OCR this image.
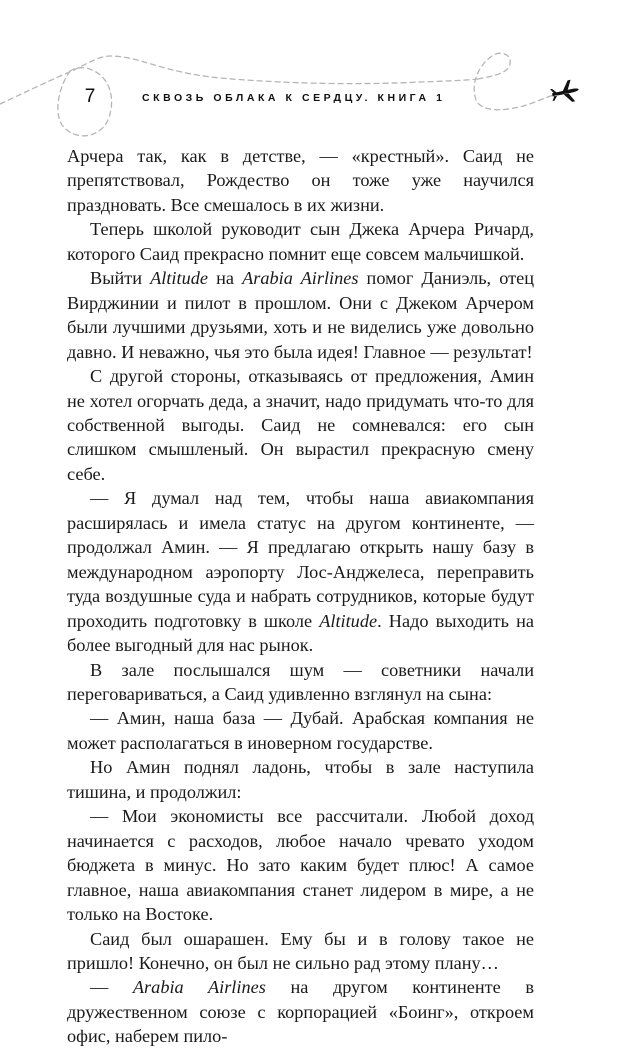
7	СКВОЗЬ ОБЛАКА К СЕРДЦУ. КНИГА 1

Арчера так, как в детстве, — «крестный». Саид не препятствовал, Рождество он тоже уже научился праздновать. Все смешалось в их жизни.

Теперь школой руководит сын Джека Арчера Ричард, которого Саид прекрасно помнит еще совсем мальчишкой.

Выйти Altitude на Arabia Airlines помог Даниэль, отец Вирджинии и пилот в прошлом. Они с Джеком Арчером были лучшими друзьями, хоть и не виделись уже довольно давно. И неважно, чья это была идея! Главное — результат!

С другой стороны, отказываясь от предложения, Амин не хотел огорчать деда, а значит, надо придумать что-то для собственной выгоды. Саид не сомневался: его сын слишком смышленый. Он вырастил прекрасную смену себе.

— Я думал над тем, чтобы наша авиакомпания расширялась и имела статус на другом континенте, — продолжал Амин. — Я предлагаю открыть нашу базу в международном аэропорту Лос-Анджелеса, переправить туда воздушные суда и набрать сотрудников, которые будут проходить подготовку в школе Altitude. Надо выходить на более выгодный для нас рынок.

В зале послышался шум — советники начали переговариваться, а Саид удивленно взглянул на сына:

— Амин, наша база — Дубай. Арабская компания не может располагаться в иноверном государстве.

Но Амин поднял ладонь, чтобы в зале наступила тишина, и продолжил:

— Мои экономисты все рассчитали. Любой доход начинается с расходов, любое начало чревато уходом бюджета в минус. Но зато каким будет плюс! А самое главное, наша авиакомпания станет лидером в мире, а не только на Востоке.

Саид был ошарашен. Ему бы и в голову такое не пришло! Конечно, он был не сильно рад этому плану…

— Arabia Airlines на другом континенте в дружественном союзе с корпорацией «Боинг», откроем офис, наберем пило-
